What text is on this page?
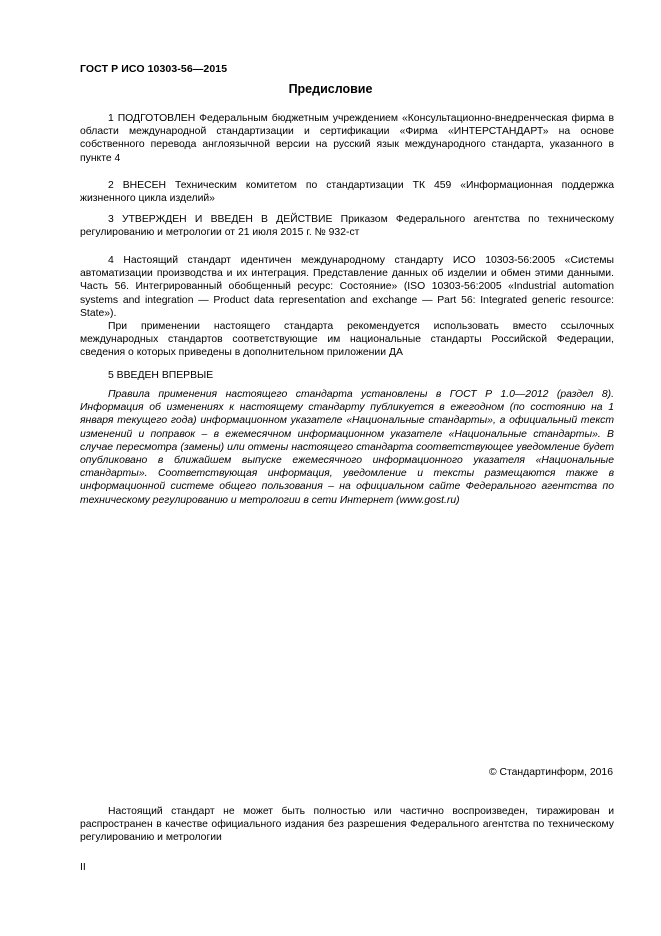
ГОСТ Р ИСО 10303-56—2015
Предисловие

1 ПОДГОТОВЛЕН Федеральным бюджетным учреждением «Консультационно-внедренческая фирма в области международной стандартизации и сертификации «Фирма «ИНТЕРСТАНДАРТ» на основе собственного перевода англоязычной версии на русский язык международного стандарта, указанного в пункте 4

2 ВНЕСЕН Техническим комитетом по стандартизации ТК 459 «Информационная поддержка жизненного цикла изделий»

3 УТВЕРЖДЕН И ВВЕДЕН В ДЕЙСТВИЕ Приказом Федерального агентства по техническому регулированию и метрологии от 21 июля 2015 г. № 932-ст

4 Настоящий стандарт идентичен международному стандарту ИСО 10303-56:2005 «Системы автоматизации производства и их интеграция. Представление данных об изделии и обмен этими данными. Часть 56. Интегрированный обобщенный ресурс: Состояние» (ISO 10303-56:2005 «Industrial automation systems and integration — Product data representation and exchange — Part 56: Integrated generic resource: State»).

При применении настоящего стандарта рекомендуется использовать вместо ссылочных международных стандартов соответствующие им национальные стандарты Российской Федерации, сведения о которых приведены в дополнительном приложении ДА

5 ВВЕДЕН ВПЕРВЫЕ

Правила применения настоящего стандарта установлены в ГОСТ Р 1.0—2012 (раздел 8). Информация об изменениях к настоящему стандарту публикуется в ежегодном (по состоянию на 1 января текущего года) информационном указателе «Национальные стандарты», а официальный текст изменений и поправок – в ежемесячном информационном указателе «Национальные стандарты». В случае пересмотра (замены) или отмены настоящего стандарта соответствующее уведомление будет опубликовано в ближайшем выпуске ежемесячного информационного указателя «Национальные стандарты». Соответствующая информация, уведомление и тексты размещаются также в информационной системе общего пользования – на официальном сайте Федерального агентства по техническому регулированию и метрологии в сети Интернет (www.gost.ru)

© Стандартинформ, 2016

Настоящий стандарт не может быть полностью или частично воспроизведен, тиражирован и распространен в качестве официального издания без разрешения Федерального агентства по техническому регулированию и метрологии

II
